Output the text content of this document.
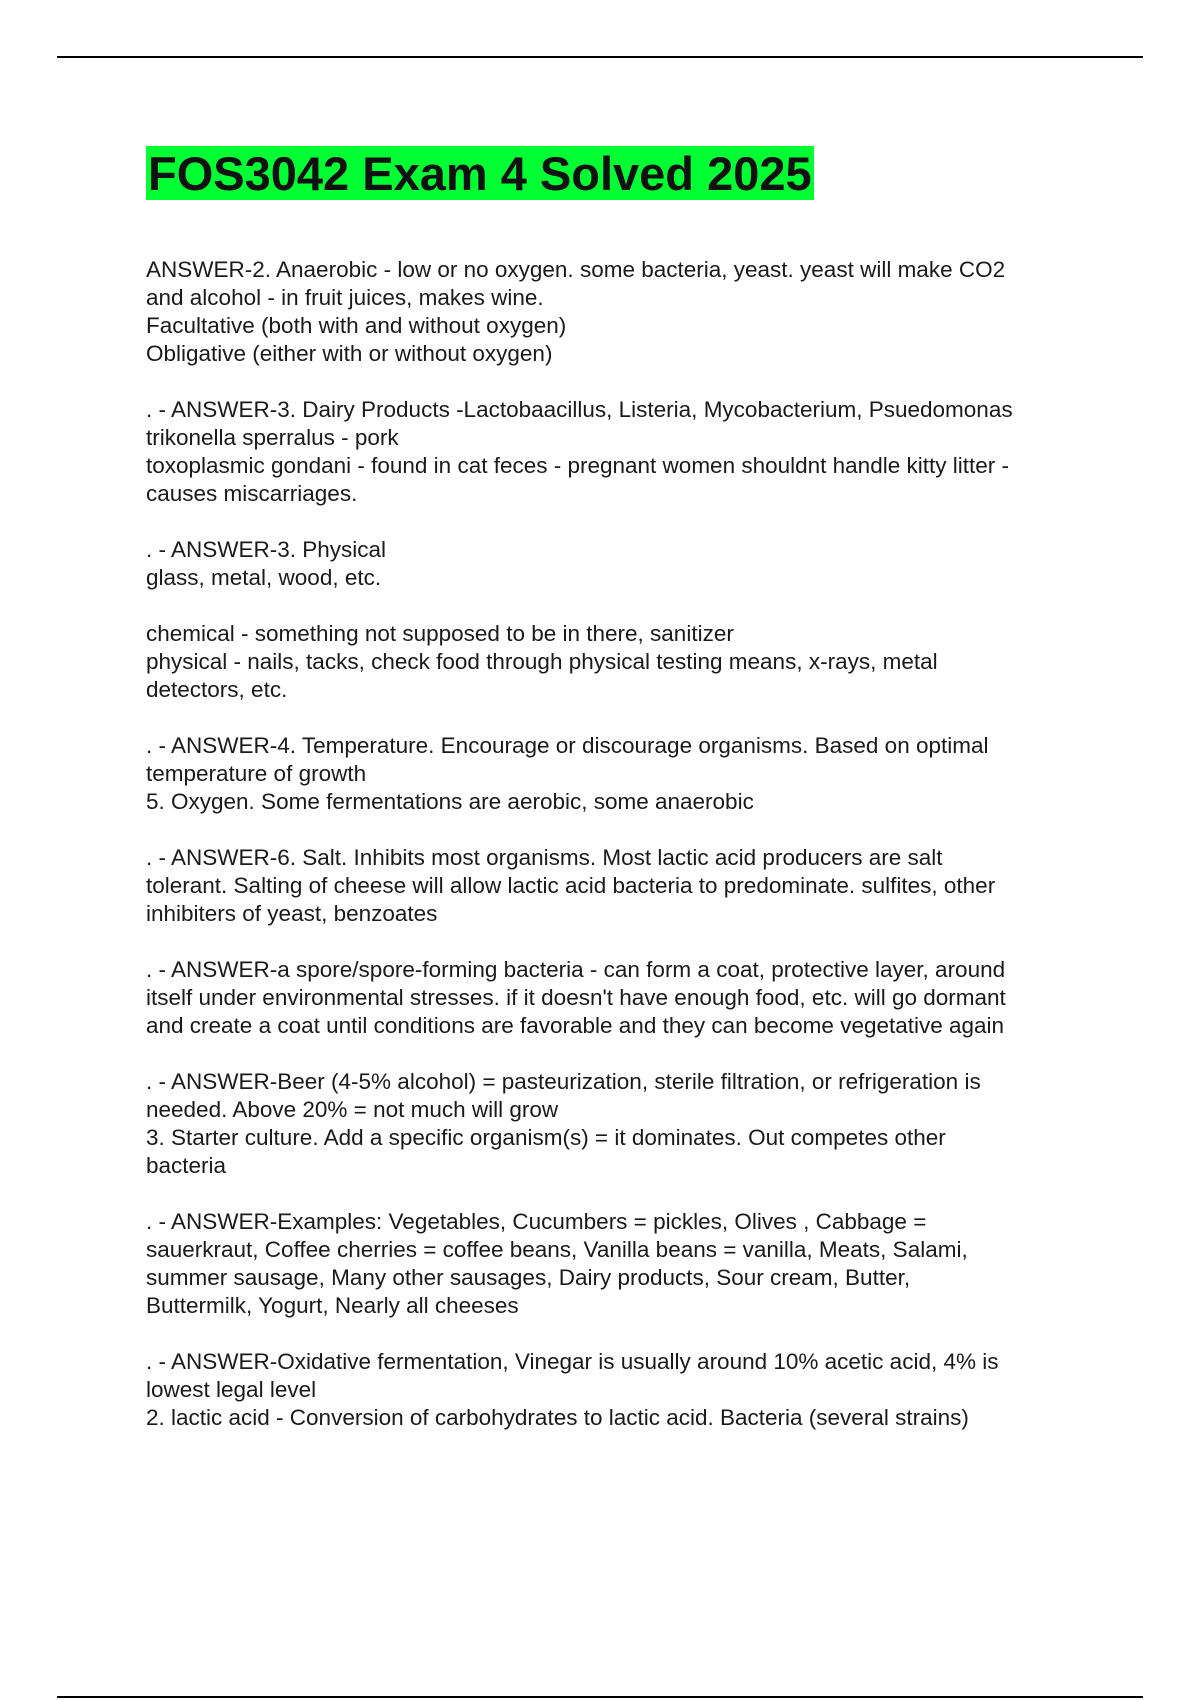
FOS3042 Exam 4 Solved 2025

ANSWER-2. Anaerobic - low or no oxygen. some bacteria, yeast. yeast will make CO2
and alcohol - in fruit juices, makes wine.
Facultative (both with and without oxygen)
Obligative (either with or without oxygen)

. - ANSWER-3. Dairy Products -Lactobaacillus, Listeria, Mycobacterium, Psuedomonas
trikonella sperralus - pork
toxoplasmic gondani - found in cat feces - pregnant women shouldnt handle kitty litter -
causes miscarriages.

. - ANSWER-3. Physical
glass, metal, wood, etc.

chemical - something not supposed to be in there, sanitizer
physical - nails, tacks, check food through physical testing means, x-rays, metal
detectors, etc.

. - ANSWER-4. Temperature. Encourage or discourage organisms. Based on optimal
temperature of growth
5. Oxygen. Some fermentations are aerobic, some anaerobic

. - ANSWER-6. Salt. Inhibits most organisms. Most lactic acid producers are salt
tolerant. Salting of cheese will allow lactic acid bacteria to predominate. sulfites, other
inhibiters of yeast, benzoates

. - ANSWER-a spore/spore-forming bacteria - can form a coat, protective layer, around
itself under environmental stresses. if it doesn't have enough food, etc. will go dormant
and create a coat until conditions are favorable and they can become vegetative again

. - ANSWER-Beer (4-5% alcohol) = pasteurization, sterile filtration, or refrigeration is
needed. Above 20% = not much will grow
3. Starter culture. Add a specific organism(s) = it dominates. Out competes other
bacteria

. - ANSWER-Examples: Vegetables, Cucumbers = pickles, Olives , Cabbage =
sauerkraut, Coffee cherries = coffee beans, Vanilla beans = vanilla, Meats, Salami,
summer sausage, Many other sausages, Dairy products, Sour cream, Butter,
Buttermilk, Yogurt, Nearly all cheeses

. - ANSWER-Oxidative fermentation, Vinegar is usually around 10% acetic acid, 4% is
lowest legal level
2. lactic acid - Conversion of carbohydrates to lactic acid. Bacteria (several strains)
